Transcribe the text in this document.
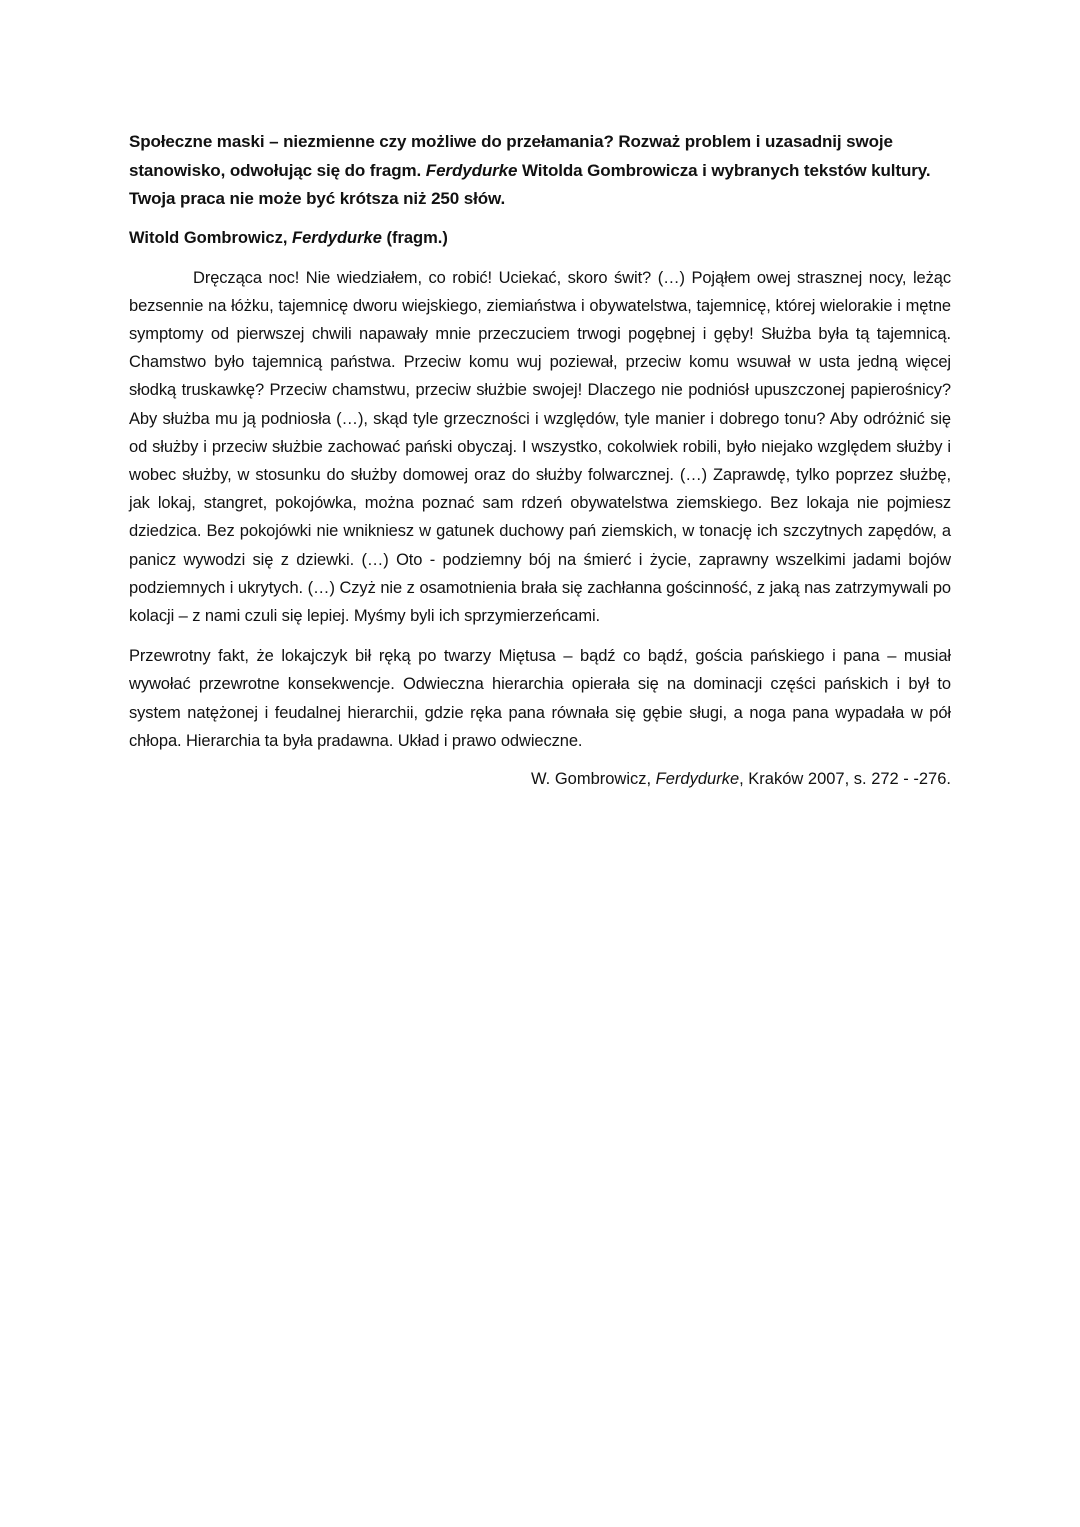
Społeczne maski – niezmienne czy możliwe do przełamania? Rozważ problem i uzasadnij swoje stanowisko, odwołując się do fragm. Ferdydurke Witolda Gombrowicza i wybranych tekstów kultury. Twoja praca nie może być krótsza niż 250 słów.

Witold Gombrowicz, Ferdydurke (fragm.)

Dręcząca noc! Nie wiedziałem, co robić! Uciekać, skoro świt? (…) Pojąłem owej strasznej nocy, leżąc bezsennie na łóżku, tajemnicę dworu wiejskiego, ziemiaństwa i obywatelstwa, tajemnicę, której wielorakie i mętne symptomy od pierwszej chwili napawały mnie przeczuciem trwogi pogębnej i gęby! Służba była tą tajemnicą. Chamstwo było tajemnicą państwa. Przeciw komu wuj poziewał, przeciw komu wsuwał w usta jedną więcej słodką truskawkę? Przeciw chamstwu, przeciw służbie swojej! Dlaczego nie podniósł upuszczonej papierośnicy? Aby służba mu ją podniosła (…), skąd tyle grzeczności i względów, tyle manier i dobrego tonu? Aby odróżnić się od służby i przeciw służbie zachować pański obyczaj. I wszystko, cokolwiek robili, było niejako względem służby i wobec służby, w stosunku do służby domowej oraz do służby folwarcznej. (…) Zaprawdę, tylko poprzez służbę, jak lokaj, stangret, pokojówka, można poznać sam rdzeń obywatelstwa ziemskiego. Bez lokaja nie pojmiesz dziedzica. Bez pokojówki nie wnikniesz w gatunek duchowy pań ziemskich, w tonację ich szczytnych zapędów, a panicz wywodzi się z dziewki. (…) Oto - podziemny bój na śmierć i życie, zaprawny wszelkimi jadami bojów podziemnych i ukrytych. (…) Czyż nie z osamotnienia brała się zachłanna gościnność, z jaką nas zatrzymywali po kolacji – z nami czuli się lepiej. Myśmy byli ich sprzymierzeńcami.

Przewrotny fakt, że lokajczyk bił ręką po twarzy Miętusa – bądź co bądź, gościa pańskiego i pana – musiał wywołać przewrotne konsekwencje. Odwieczna hierarchia opierała się na dominacji części pańskich i był to system natężonej i feudalnej hierarchii, gdzie ręka pana równała się gębie sługi, a noga pana wypadała w pół chłopa. Hierarchia ta była pradawna. Układ i prawo odwieczne.

W. Gombrowicz, Ferdydurke, Kraków 2007, s. 272 - -276.
